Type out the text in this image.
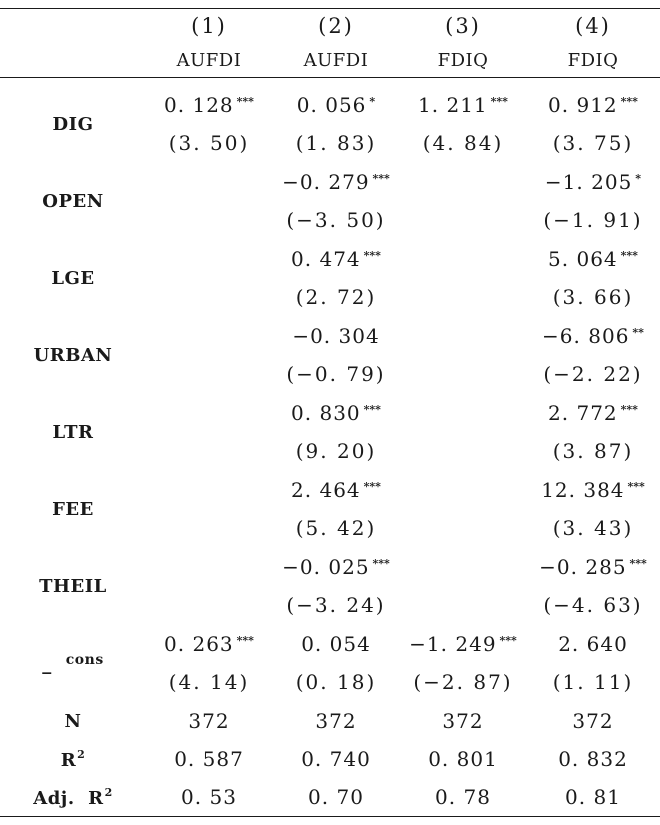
	(1)	(2)	(3)	(4)
	AUFDI	AUFDI	FDIQ	FDIQ

DIG	0. 128 ***	0. 056 *	1. 211 ***	0. 912 ***
	(3. 50)	(1. 83)	(4. 84)	(3. 75)
OPEN		−0. 279 ***		−1. 205 *
		(−3. 50)		(−1. 91)
LGE		0. 474 ***		5. 064 ***
		(2. 72)		(3. 66)
URBAN		−0. 304		−6. 806 **
		(−0. 79)		(−2. 22)
LTR		0. 830 ***		2. 772 ***
		(9. 20)		(3. 87)
FEE		2. 464 ***		12. 384 ***
		(5. 42)		(3. 43)
THEIL		−0. 025 ***		−0. 285 ***
		(−3. 24)		(−4. 63)
_ $^{cons}$	0. 263 ***	0. 054	−1. 249 ***	2. 640
	(4. 14)	(0. 18)	(−2. 87)	(1. 11)
N	372	372	372	372
$R^2$	0. 587	0. 740	0. 801	0. 832
Adj.  $R^2$	0. 53	0. 70	0. 78	0. 81
